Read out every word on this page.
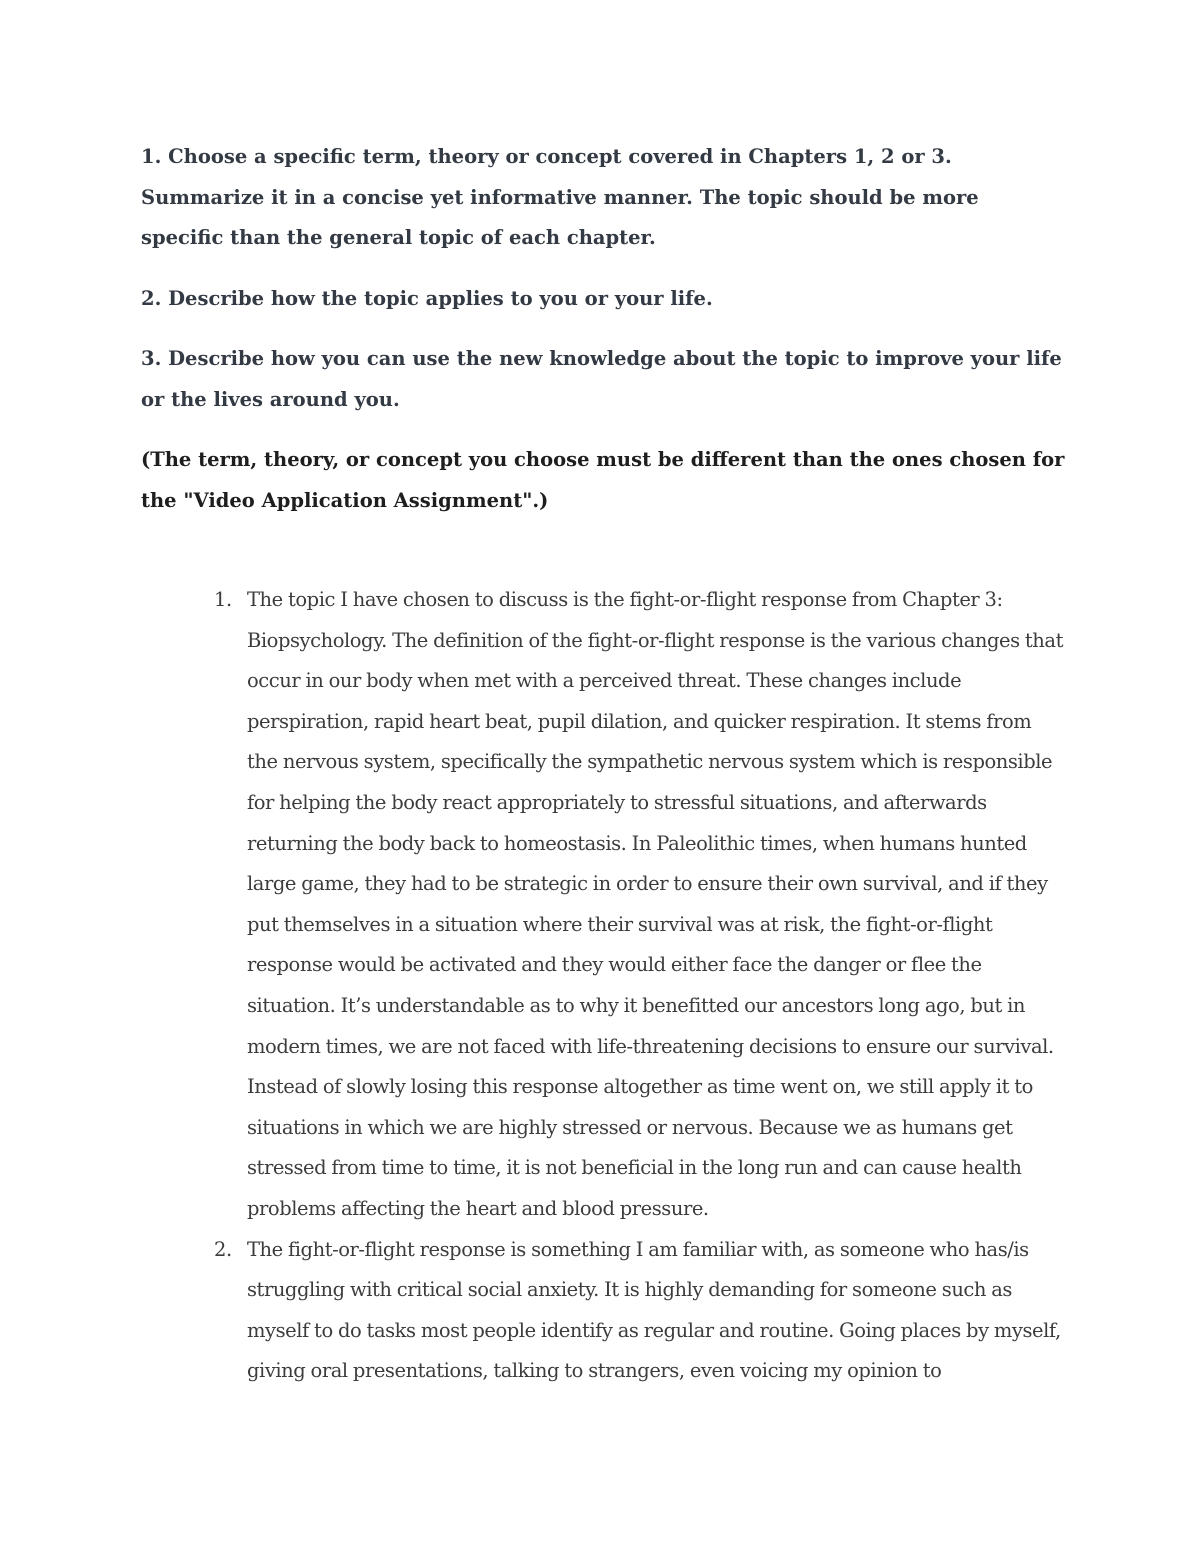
1. Choose a specific term, theory or concept covered in Chapters 1, 2 or 3. Summarize it in a concise yet informative manner. The topic should be more specific than the general topic of each chapter.

2. Describe how the topic applies to you or your life.

3. Describe how you can use the new knowledge about the topic to improve your life or the lives around you.

(The term, theory, or concept you choose must be different than the ones chosen for the "Video Application Assignment".)

1. The topic I have chosen to discuss is the fight-or-flight response from Chapter 3: Biopsychology. The definition of the fight-or-flight response is the various changes that occur in our body when met with a perceived threat. These changes include perspiration, rapid heart beat, pupil dilation, and quicker respiration. It stems from the nervous system, specifically the sympathetic nervous system which is responsible for helping the body react appropriately to stressful situations, and afterwards returning the body back to homeostasis. In Paleolithic times, when humans hunted large game, they had to be strategic in order to ensure their own survival, and if they put themselves in a situation where their survival was at risk, the fight-or-flight response would be activated and they would either face the danger or flee the situation. It’s understandable as to why it benefitted our ancestors long ago, but in modern times, we are not faced with life-threatening decisions to ensure our survival. Instead of slowly losing this response altogether as time went on, we still apply it to situations in which we are highly stressed or nervous. Because we as humans get stressed from time to time, it is not beneficial in the long run and can cause health problems affecting the heart and blood pressure.
2. The fight-or-flight response is something I am familiar with, as someone who has/is struggling with critical social anxiety. It is highly demanding for someone such as myself to do tasks most people identify as regular and routine. Going places by myself, giving oral presentations, talking to strangers, even voicing my opinion to
